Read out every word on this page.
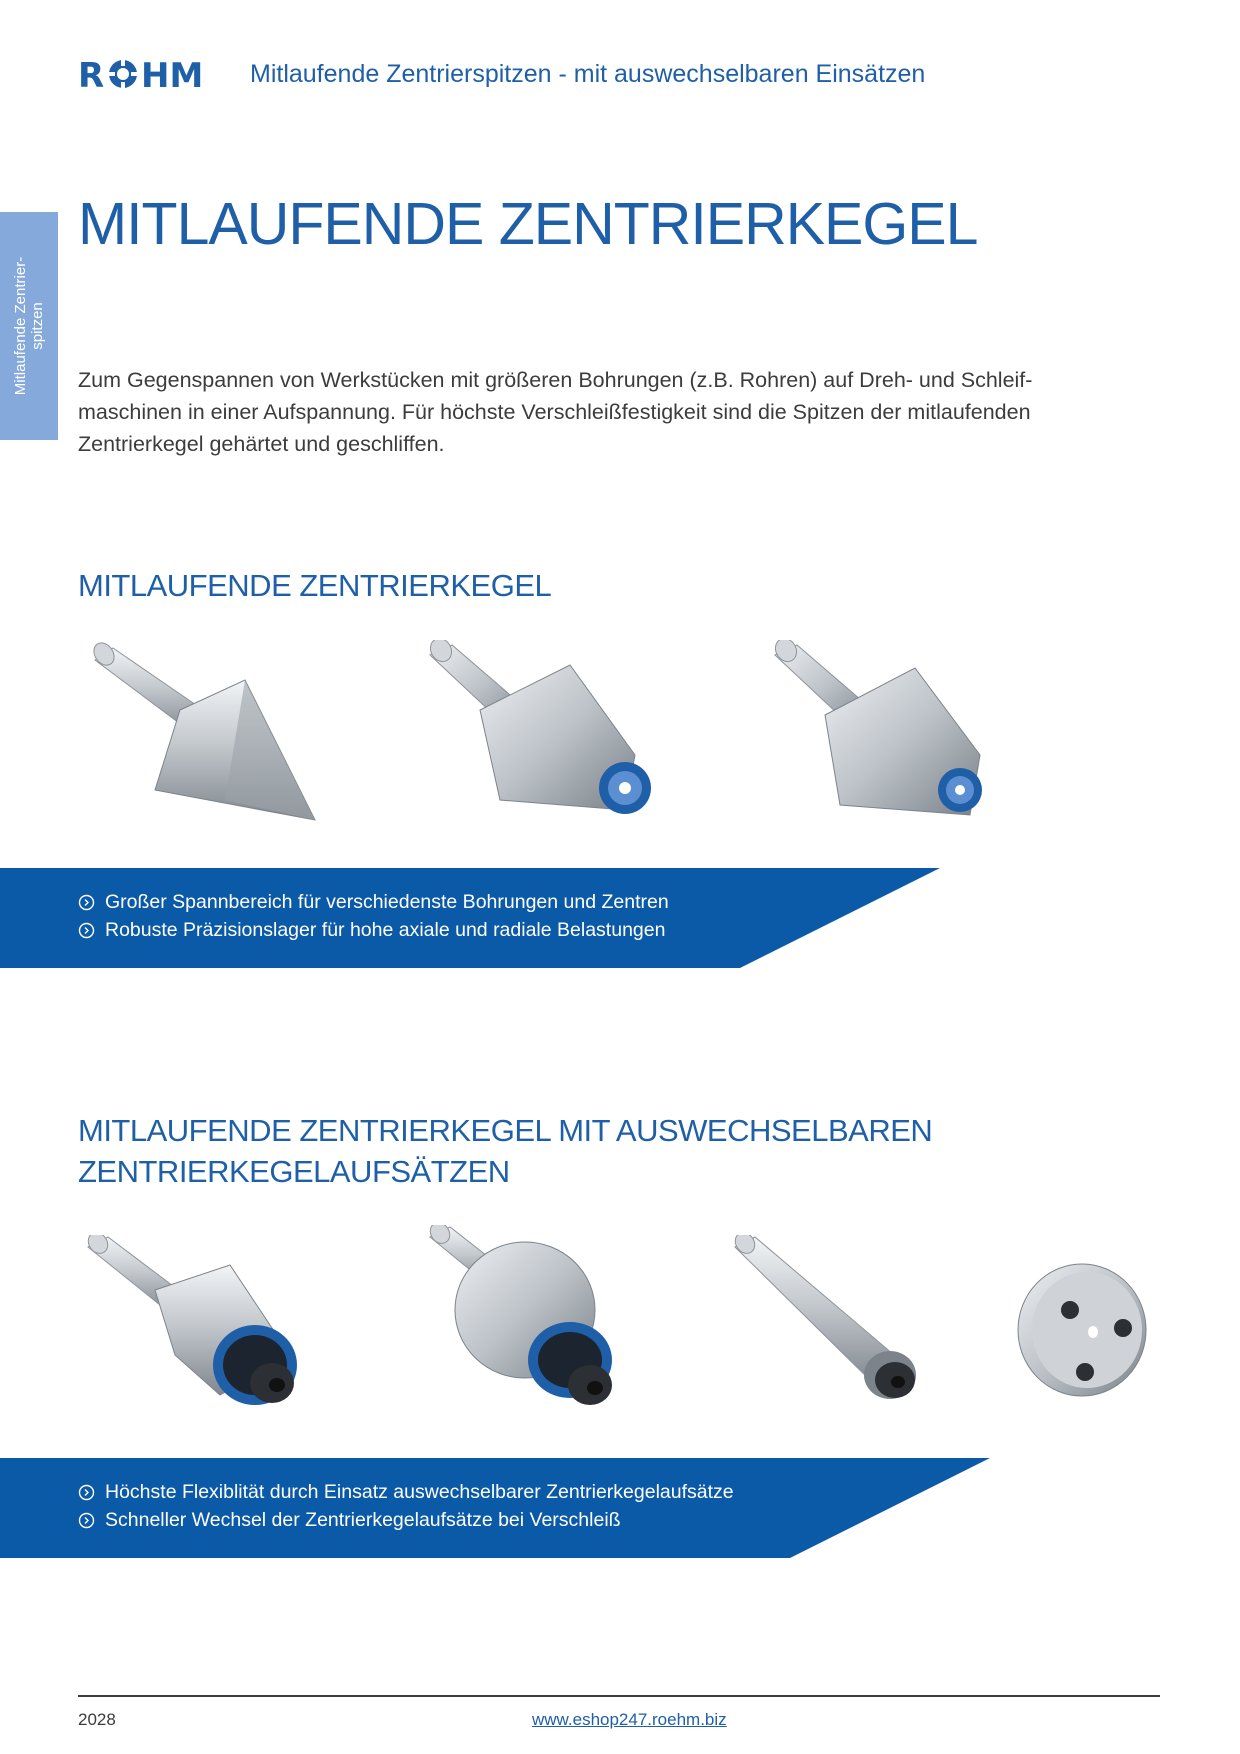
R HM Mitlaufende Zentrierspitzen - mit auswechselbaren Einsätzen
MITLAUFENDE ZENTRIERKEGEL
Mitlaufende Zentrier-
spitzen

Zum Gegenspannen von Werkstücken mit größeren Bohrungen (z.B. Rohren) auf Dreh- und Schleif-
maschinen in einer Aufspannung. Für höchste Verschleißfestigkeit sind die Spitzen der mitlaufenden
Zentrierkegel gehärtet und geschliffen.

MITLAUFENDE ZENTRIERKEGEL
Großer Spannbereich für verschiedenste Bohrungen und Zentren
Robuste Präzisionslager für hohe axiale und radiale Belastungen
MITLAUFENDE ZENTRIERKEGEL MIT AUSWECHSELBAREN
ZENTRIERKEGELAUFSÄTZEN
Höchste Flexiblität durch Einsatz auswechselbarer Zentrierkegelaufsätze
Schneller Wechsel der Zentrierkegelaufsätze bei Verschleiß
2028	www.eshop247.roehm.biz
